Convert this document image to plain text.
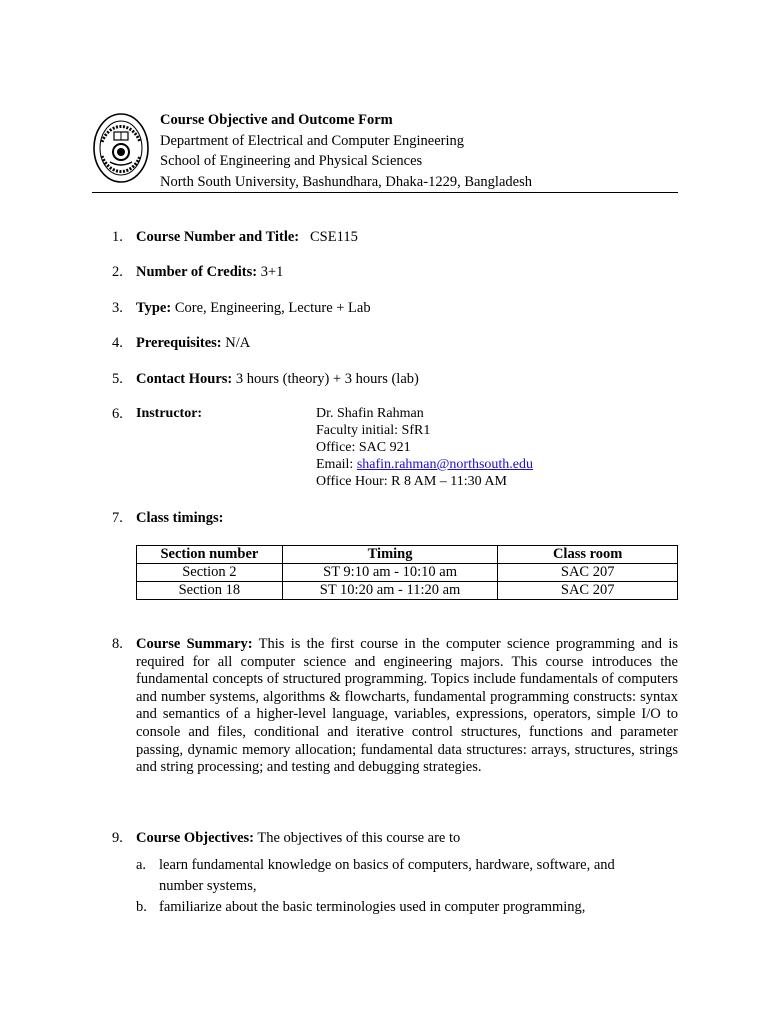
Course Objective and Outcome Form
Department of Electrical and Computer Engineering
School of Engineering and Physical Sciences
North South University, Bashundhara, Dhaka-1229, Bangladesh
1. Course Number and Title: CSE115
2. Number of Credits: 3+1
3. Type: Core, Engineering, Lecture + Lab
4. Prerequisites: N/A
5. Contact Hours: 3 hours (theory) + 3 hours (lab)
6. Instructor:	Dr. Shafin Rahman
Faculty initial: SfR1
Office: SAC 921
Email: shafin.rahman@northsouth.edu
Office Hour: R 8 AM – 11:30 AM
7. Class timings:
Section number	Timing	Class room
Section 2	ST 9:10 am - 10:10 am	SAC 207
Section 18	ST 10:20 am - 11:20 am	SAC 207
8. Course Summary: This is the first course in the computer science programming and is required for all computer science and engineering majors. This course introduces the fundamental concepts of structured programming. Topics include fundamentals of computers and number systems, algorithms & flowcharts, fundamental programming constructs: syntax and semantics of a higher-level language, variables, expressions, operators, simple I/O to console and files, conditional and iterative control structures, functions and parameter passing, dynamic memory allocation; fundamental data structures: arrays, structures, strings and string processing; and testing and debugging strategies.
9. Course Objectives: The objectives of this course are to
a. learn fundamental knowledge on basics of computers, hardware, software, and number systems,
b. familiarize about the basic terminologies used in computer programming,
